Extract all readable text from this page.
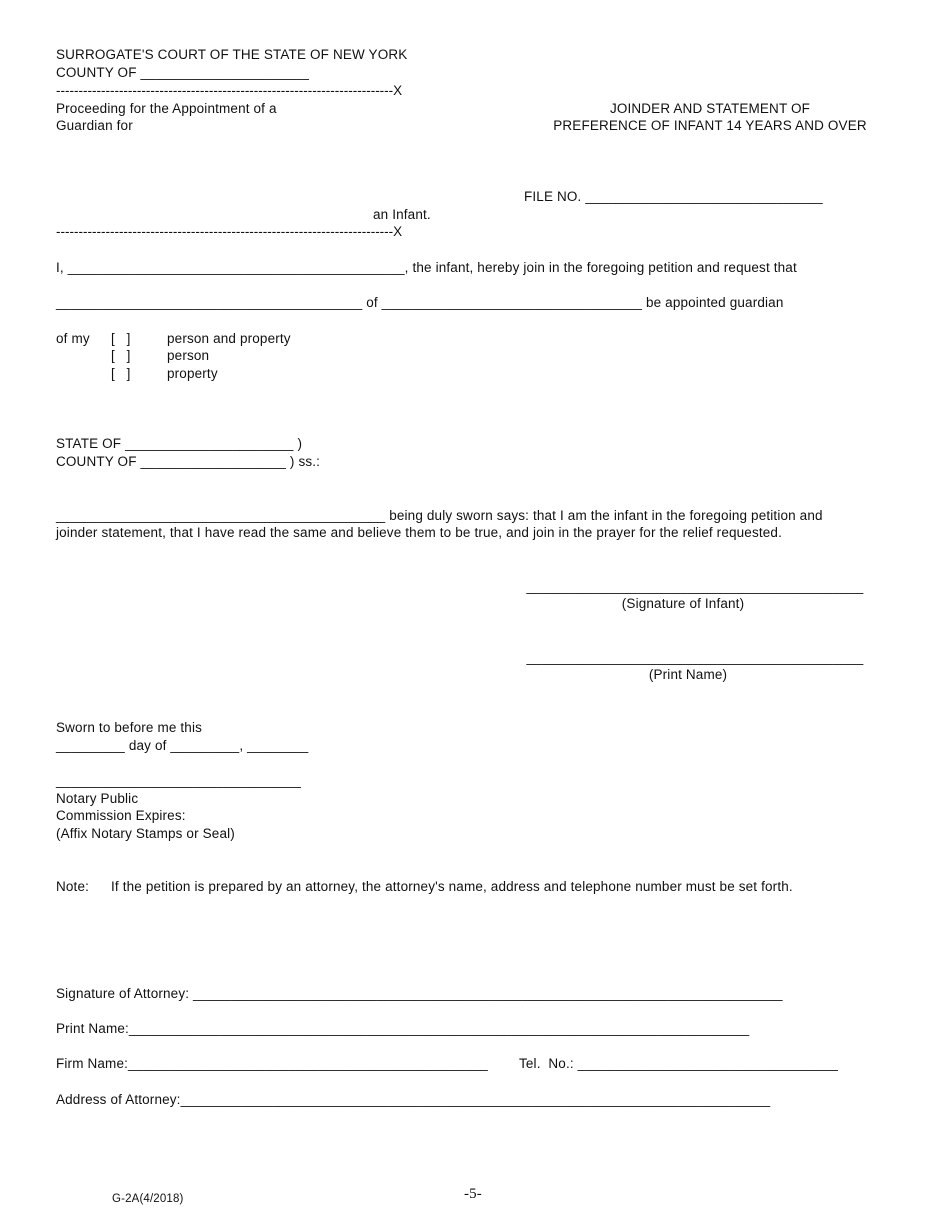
SURROGATE'S COURT OF THE STATE OF NEW YORK
COUNTY OF ______________________
---------------------------------------------------------------------------X
Proceeding for the Appointment of a
Guardian for
JOINDER AND STATEMENT OF
PREFERENCE OF INFANT 14 YEARS AND OVER
FILE NO. _______________________________
an Infant.
---------------------------------------------------------------------------X
I, ____________________________________________, the infant, hereby join in the foregoing petition and request that
________________________________________ of __________________________________ be appointed guardian
of my [   ]	person and property
[   ]	person
[   ]	property
STATE OF ______________________ )
COUNTY OF ___________________ ) ss.:
___________________________________________ being duly sworn says: that I am the infant in the foregoing petition and
joinder statement, that I have read the same and believe them to be true, and join in the prayer for the relief requested.
____________________________________________
(Signature of Infant)
____________________________________________
(Print Name)
Sworn to before me this
_________ day of _________, ________
________________________________
Notary Public
Commission Expires:
(Affix Notary Stamps or Seal)
Note: If the petition is prepared by an attorney, the attorney's name, address and telephone number must be set forth.
Signature of Attorney: _____________________________________________________________________________
Print Name:_________________________________________________________________________________
Firm Name:_______________________________________________ Tel.  No.: __________________________________
Address of Attorney:_____________________________________________________________________________
G-2A(4/2018)	-5-
